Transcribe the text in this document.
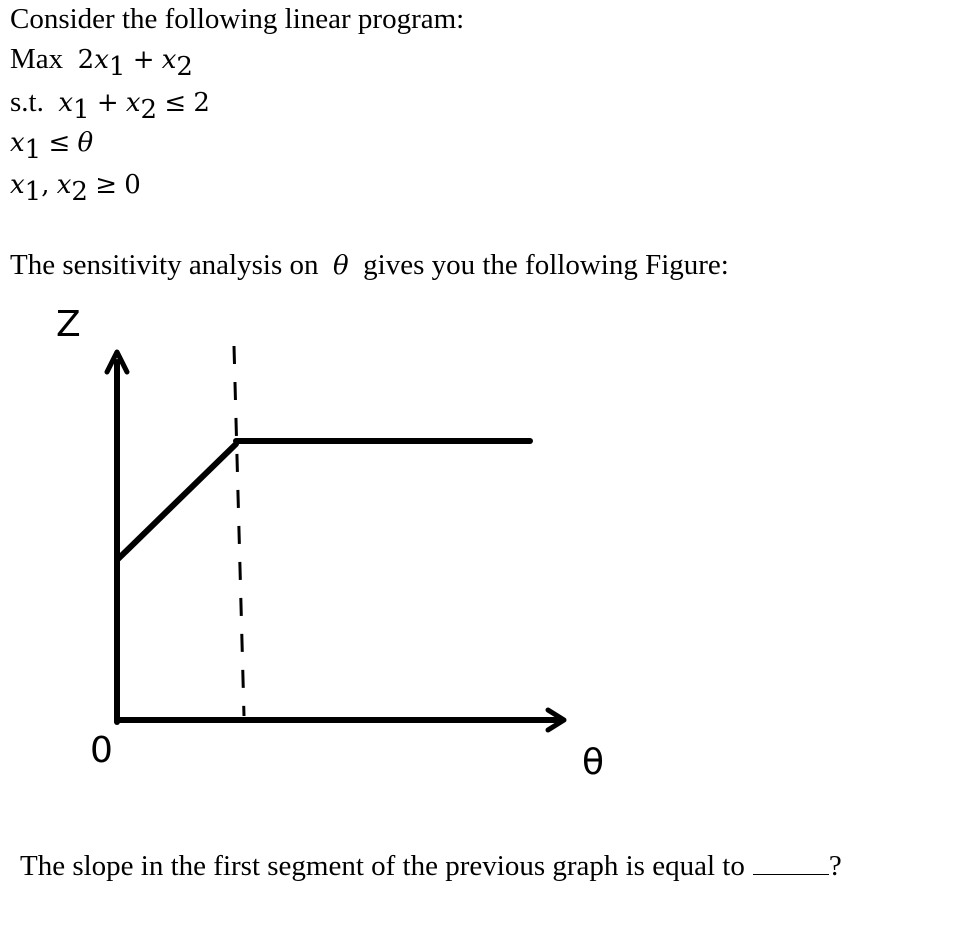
Consider the following linear program:

Max $2x_1 + x_2$

s.t. $x_1 + x_2 \le 2$

$x_1 \le \theta$

$x_1$, $x_2 \ge 0$

The sensitivity analysis on θ gives you the following Figure:

Z
0	θ

The slope in the first segment of the previous graph is equal to	?
